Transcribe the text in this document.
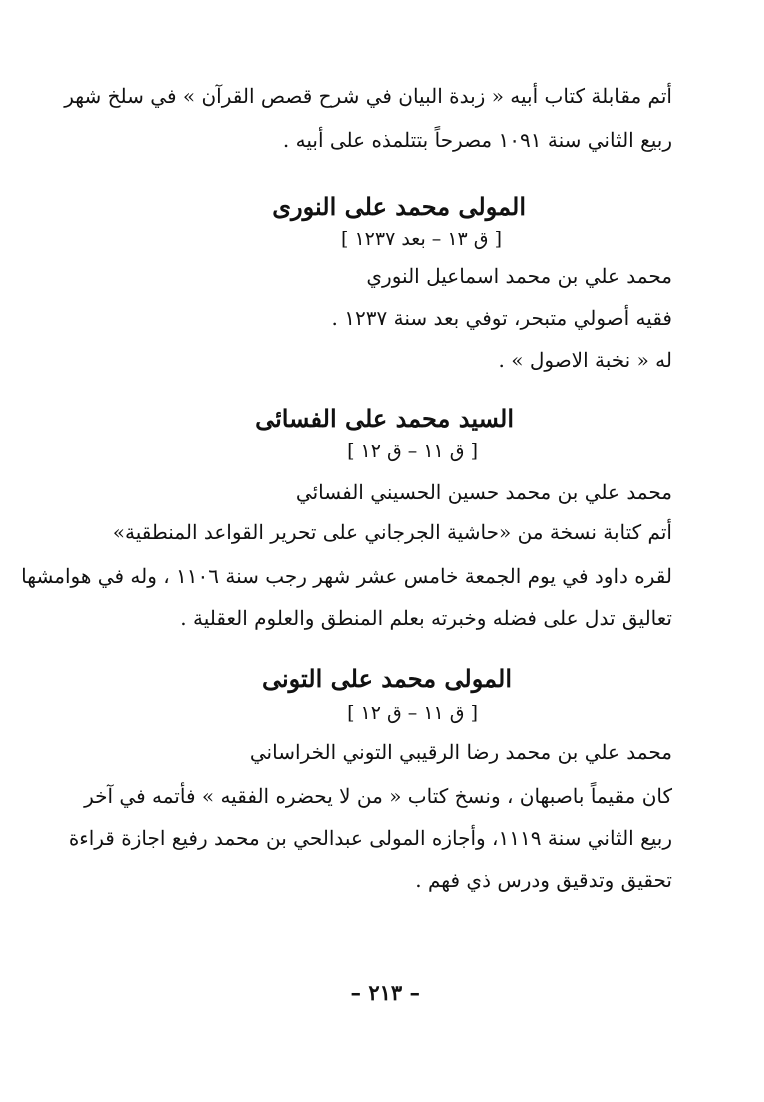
أتم مقابلة كتاب أبيه « زبدة البيان في شرح قصص القرآن » في سلخ شهر

ربيع الثاني سنة ١٠٩١ مصرحاً بتتلمذه على أبيه .

المولى محمد على النورى

[ ق ١٣ – بعد ١٢٣٧ ]

محمد علي بن محمد اسماعيل النوري

فقيه أصولي متبحر، توفي بعد سنة ١٢٣٧ .

له « نخبة الاصول » .

السيد محمد على الفسائى

[ ق ١١ – ق ١٢ ]

محمد علي بن محمد حسين الحسيني الفسائي

أتم كتابة نسخة من «حاشية الجرجاني على تحرير القواعد المنطقية»

لقره داود في يوم الجمعة خامس عشر شهر رجب سنة ١١٠٦ ، وله في هوامشها

تعاليق تدل على فضله وخبرته بعلم المنطق والعلوم العقلية .

المولى محمد على التونى

[ ق ١١ – ق ١٢ ]

محمد علي بن محمد رضا الرقيبي التوني الخراساني

كان مقيماً باصبهان ، ونسخ كتاب « من لا يحضره الفقيه » فأتمه في آخر

ربيع الثاني سنة ١١١٩، وأجازه المولى عبدالحي بن محمد رفيع اجازة قراءة

تحقيق وتدقيق ودرس ذي فهم .

– ٢١٣ –
